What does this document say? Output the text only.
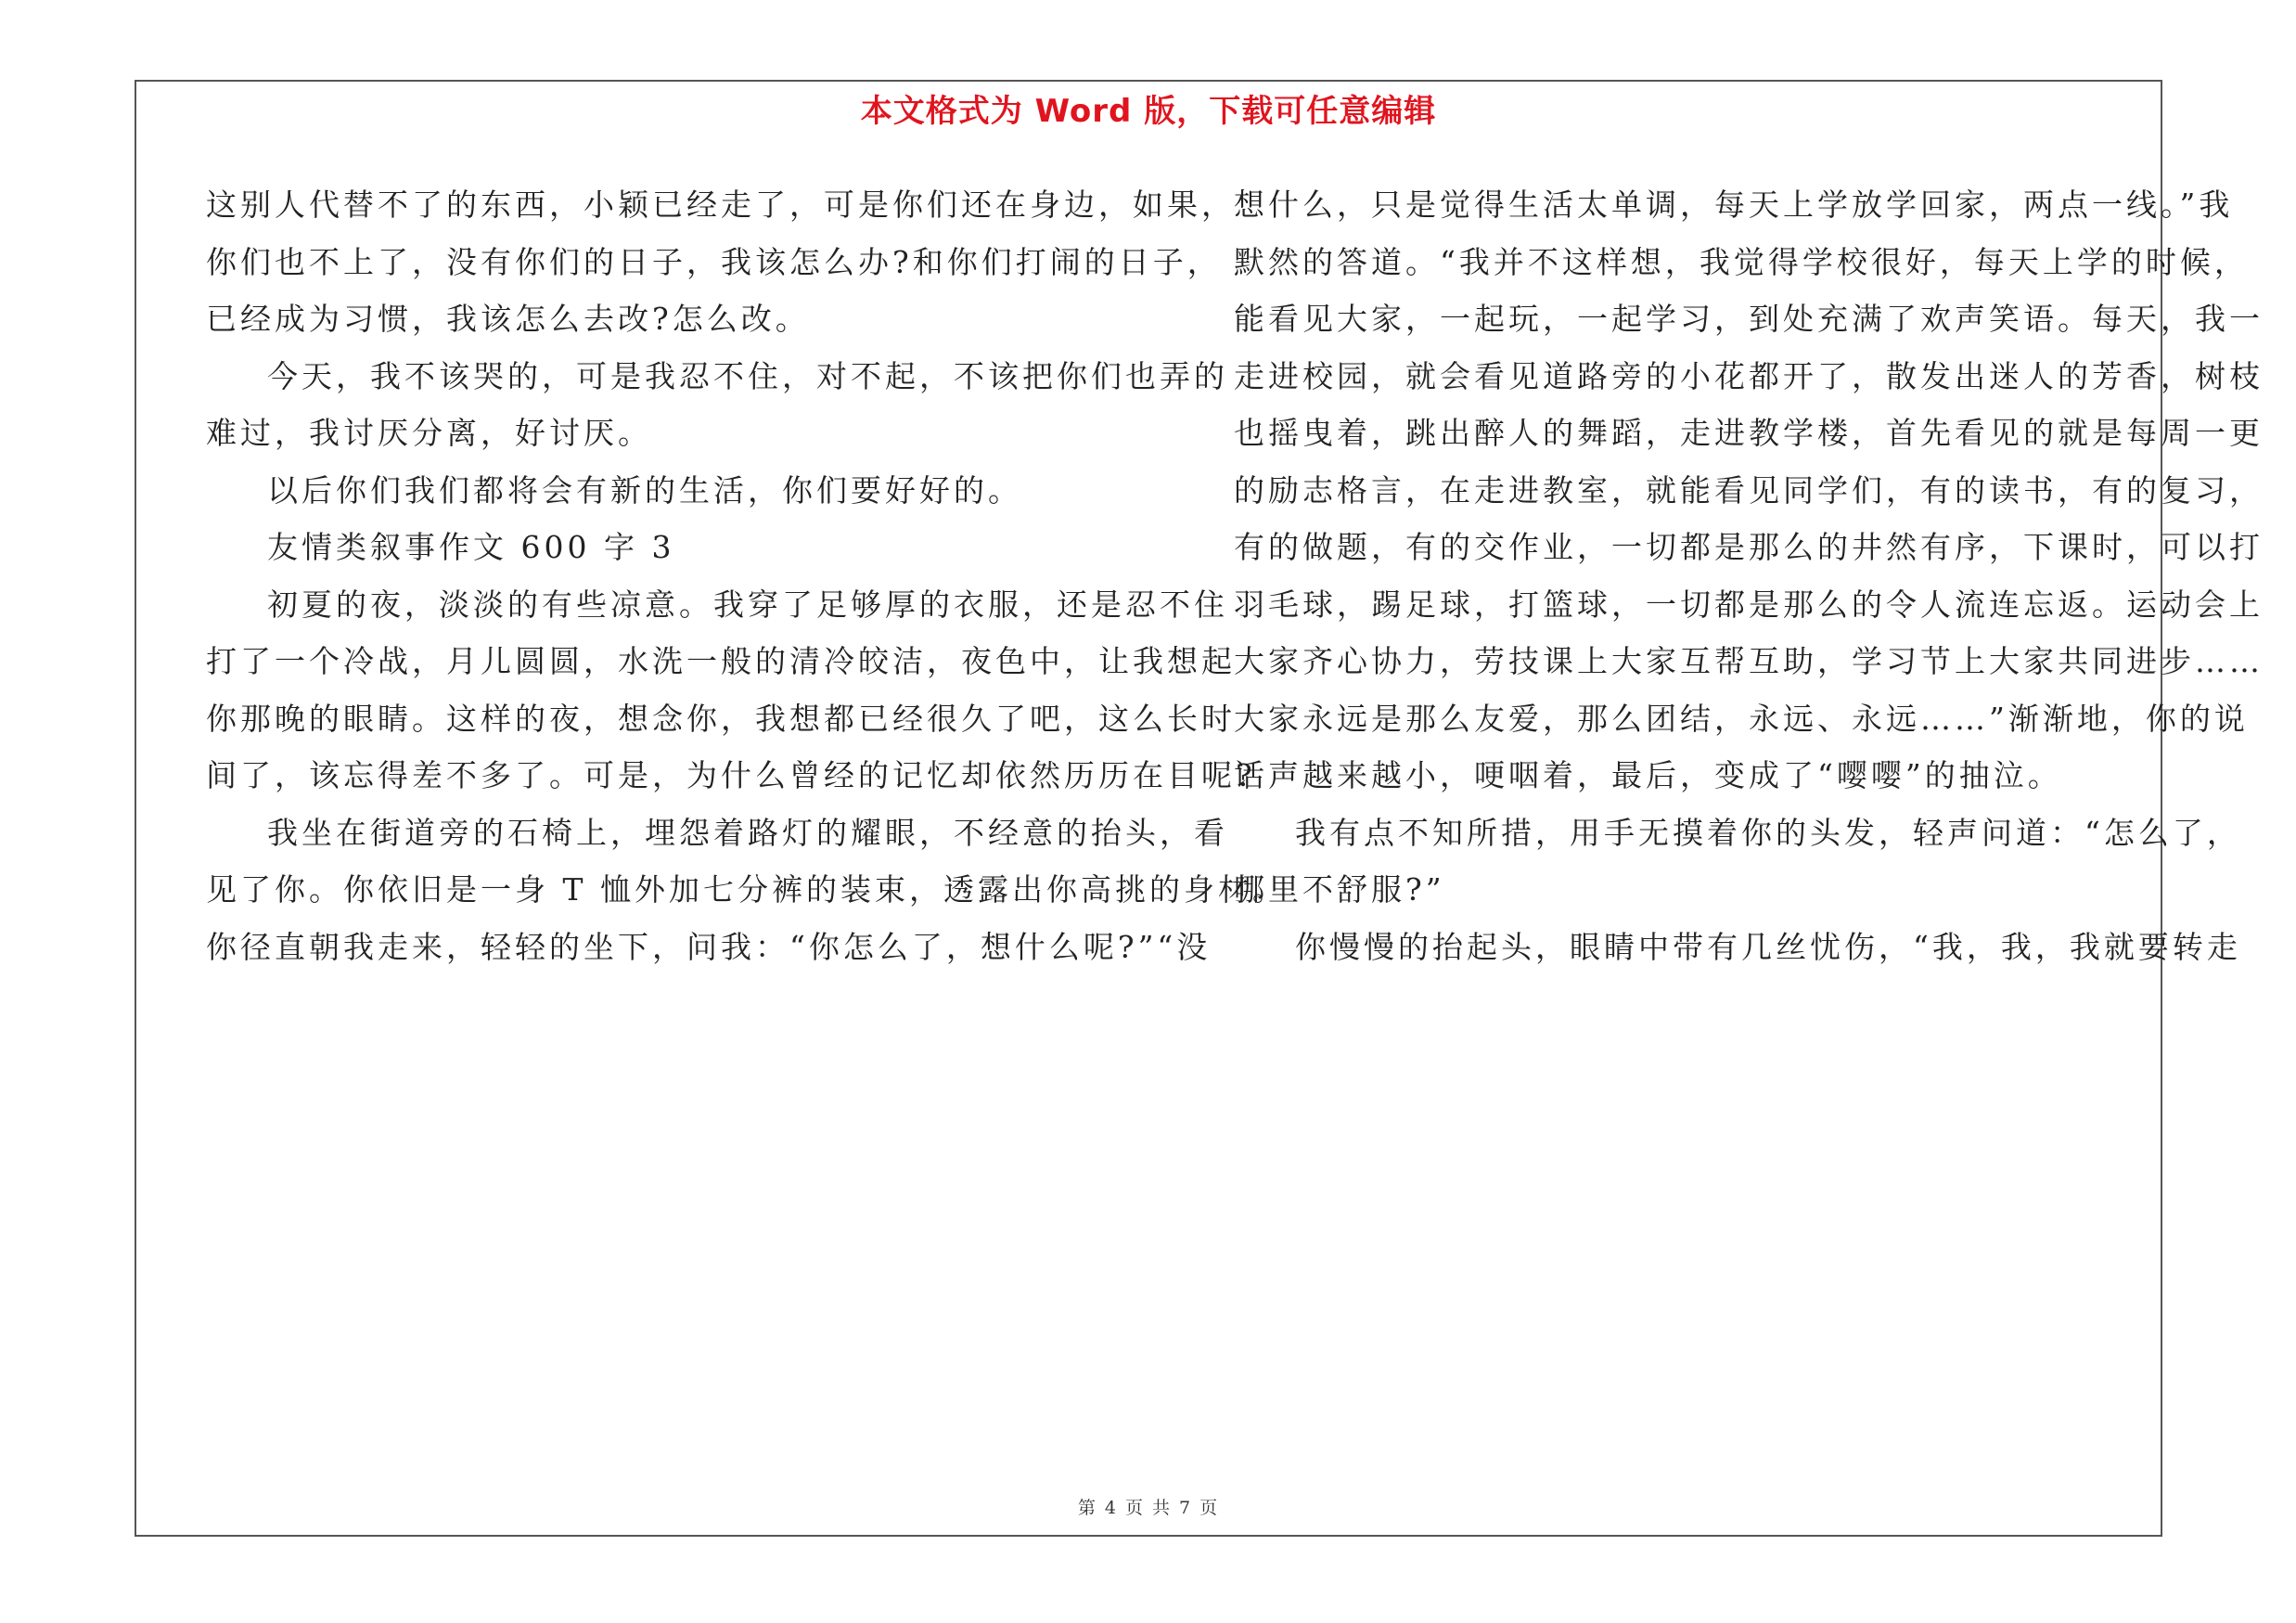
本文格式为 Word 版，下载可任意编辑
这别人代替不了的东西，小颖已经走了，可是你们还在身边，如果，
你们也不上了，没有你们的日子，我该怎么办?和你们打闹的日子，
已经成为习惯，我该怎么去改?怎么改。
今天，我不该哭的，可是我忍不住，对不起，不该把你们也弄的
难过，我讨厌分离，好讨厌。
以后你们我们都将会有新的生活，你们要好好的。
友情类叙事作文 600 字 3
初夏的夜，淡淡的有些凉意。我穿了足够厚的衣服，还是忍不住
打了一个冷战，月儿圆圆，水洗一般的清冷皎洁，夜色中，让我想起
你那晚的眼睛。这样的夜，想念你，我想都已经很久了吧，这么长时
间了，该忘得差不多了。可是，为什么曾经的记忆却依然历历在目呢?
我坐在街道旁的石椅上，埋怨着路灯的耀眼，不经意的抬头，看
见了你。你依旧是一身 T 恤外加七分裤的装束，透露出你高挑的身材。
你径直朝我走来，轻轻的坐下，问我：“你怎么了，想什么呢?”“没
想什么，只是觉得生活太单调，每天上学放学回家，两点一线。”我
默然的答道。“我并不这样想，我觉得学校很好，每天上学的时候，
能看见大家，一起玩，一起学习，到处充满了欢声笑语。每天，我一
走进校园，就会看见道路旁的小花都开了，散发出迷人的芳香，树枝
也摇曳着，跳出醉人的舞蹈，走进教学楼，首先看见的就是每周一更
的励志格言，在走进教室，就能看见同学们，有的读书，有的复习，
有的做题，有的交作业，一切都是那么的井然有序，下课时，可以打
羽毛球，踢足球，打篮球，一切都是那么的令人流连忘返。运动会上
大家齐心协力，劳技课上大家互帮互助，学习节上大家共同进步……
大家永远是那么友爱，那么团结，永远、永远……”渐渐地，你的说
话声越来越小，哽咽着，最后，变成了“嘤嘤”的抽泣。
我有点不知所措，用手无摸着你的头发，轻声问道：“怎么了，
哪里不舒服?”
你慢慢的抬起头，眼睛中带有几丝忧伤，“我，我，我就要转走
第 4 页 共 7 页
